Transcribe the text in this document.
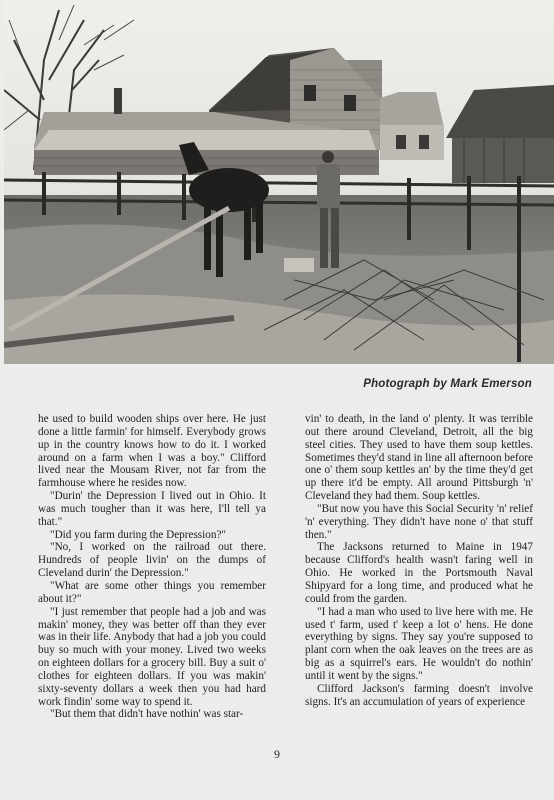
Photograph by Mark Emerson

he used to build wooden ships over here. He just done a little farmin' for himself. Everybody grows up in the country knows how to do it. I worked around on a farm when I was a boy." Clifford lived near the Mousam River, not far from the farmhouse where he resides now.

"Durin' the Depression I lived out in Ohio. It was much tougher than it was here, I'll tell ya that."

"Did you farm during the Depression?"

"No, I worked on the railroad out there. Hundreds of people livin' on the dumps of Cleveland durin' the Depression."

"What are some other things you remember about it?"

"I just remember that people had a job and was makin' money, they was better off than they ever was in their life. Anybody that had a job you could buy so much with your money. Lived two weeks on eighteen dollars for a grocery bill. Buy a suit o' clothes for eighteen dollars. If you was makin' sixty-seventy dollars a week then you had hard work findin' some way to spend it.

"But them that didn't have nothin' was star-

vin' to death, in the land o' plenty. It was terrible out there around Cleveland, Detroit, all the big steel cities. They used to have them soup kettles. Sometimes they'd stand in line all afternoon before one o' them soup kettles an' by the time they'd get up there it'd be empty. All around Pittsburgh 'n' Cleveland they had them. Soup kettles.

"But now you have this Social Security 'n' relief 'n' everything. They didn't have none o' that stuff then."

The Jacksons returned to Maine in 1947 because Clifford's health wasn't faring well in Ohio. He worked in the Portsmouth Naval Shipyard for a long time, and produced what he could from the garden.

"I had a man who used to live here with me. He used t' farm, used t' keep a lot o' hens. He done everything by signs. They say you're supposed to plant corn when the oak leaves on the trees are as big as a squirrel's ears. He wouldn't do nothin' until it went by the signs."

Clifford Jackson's farming doesn't involve signs. It's an accumulation of years of experience

9
